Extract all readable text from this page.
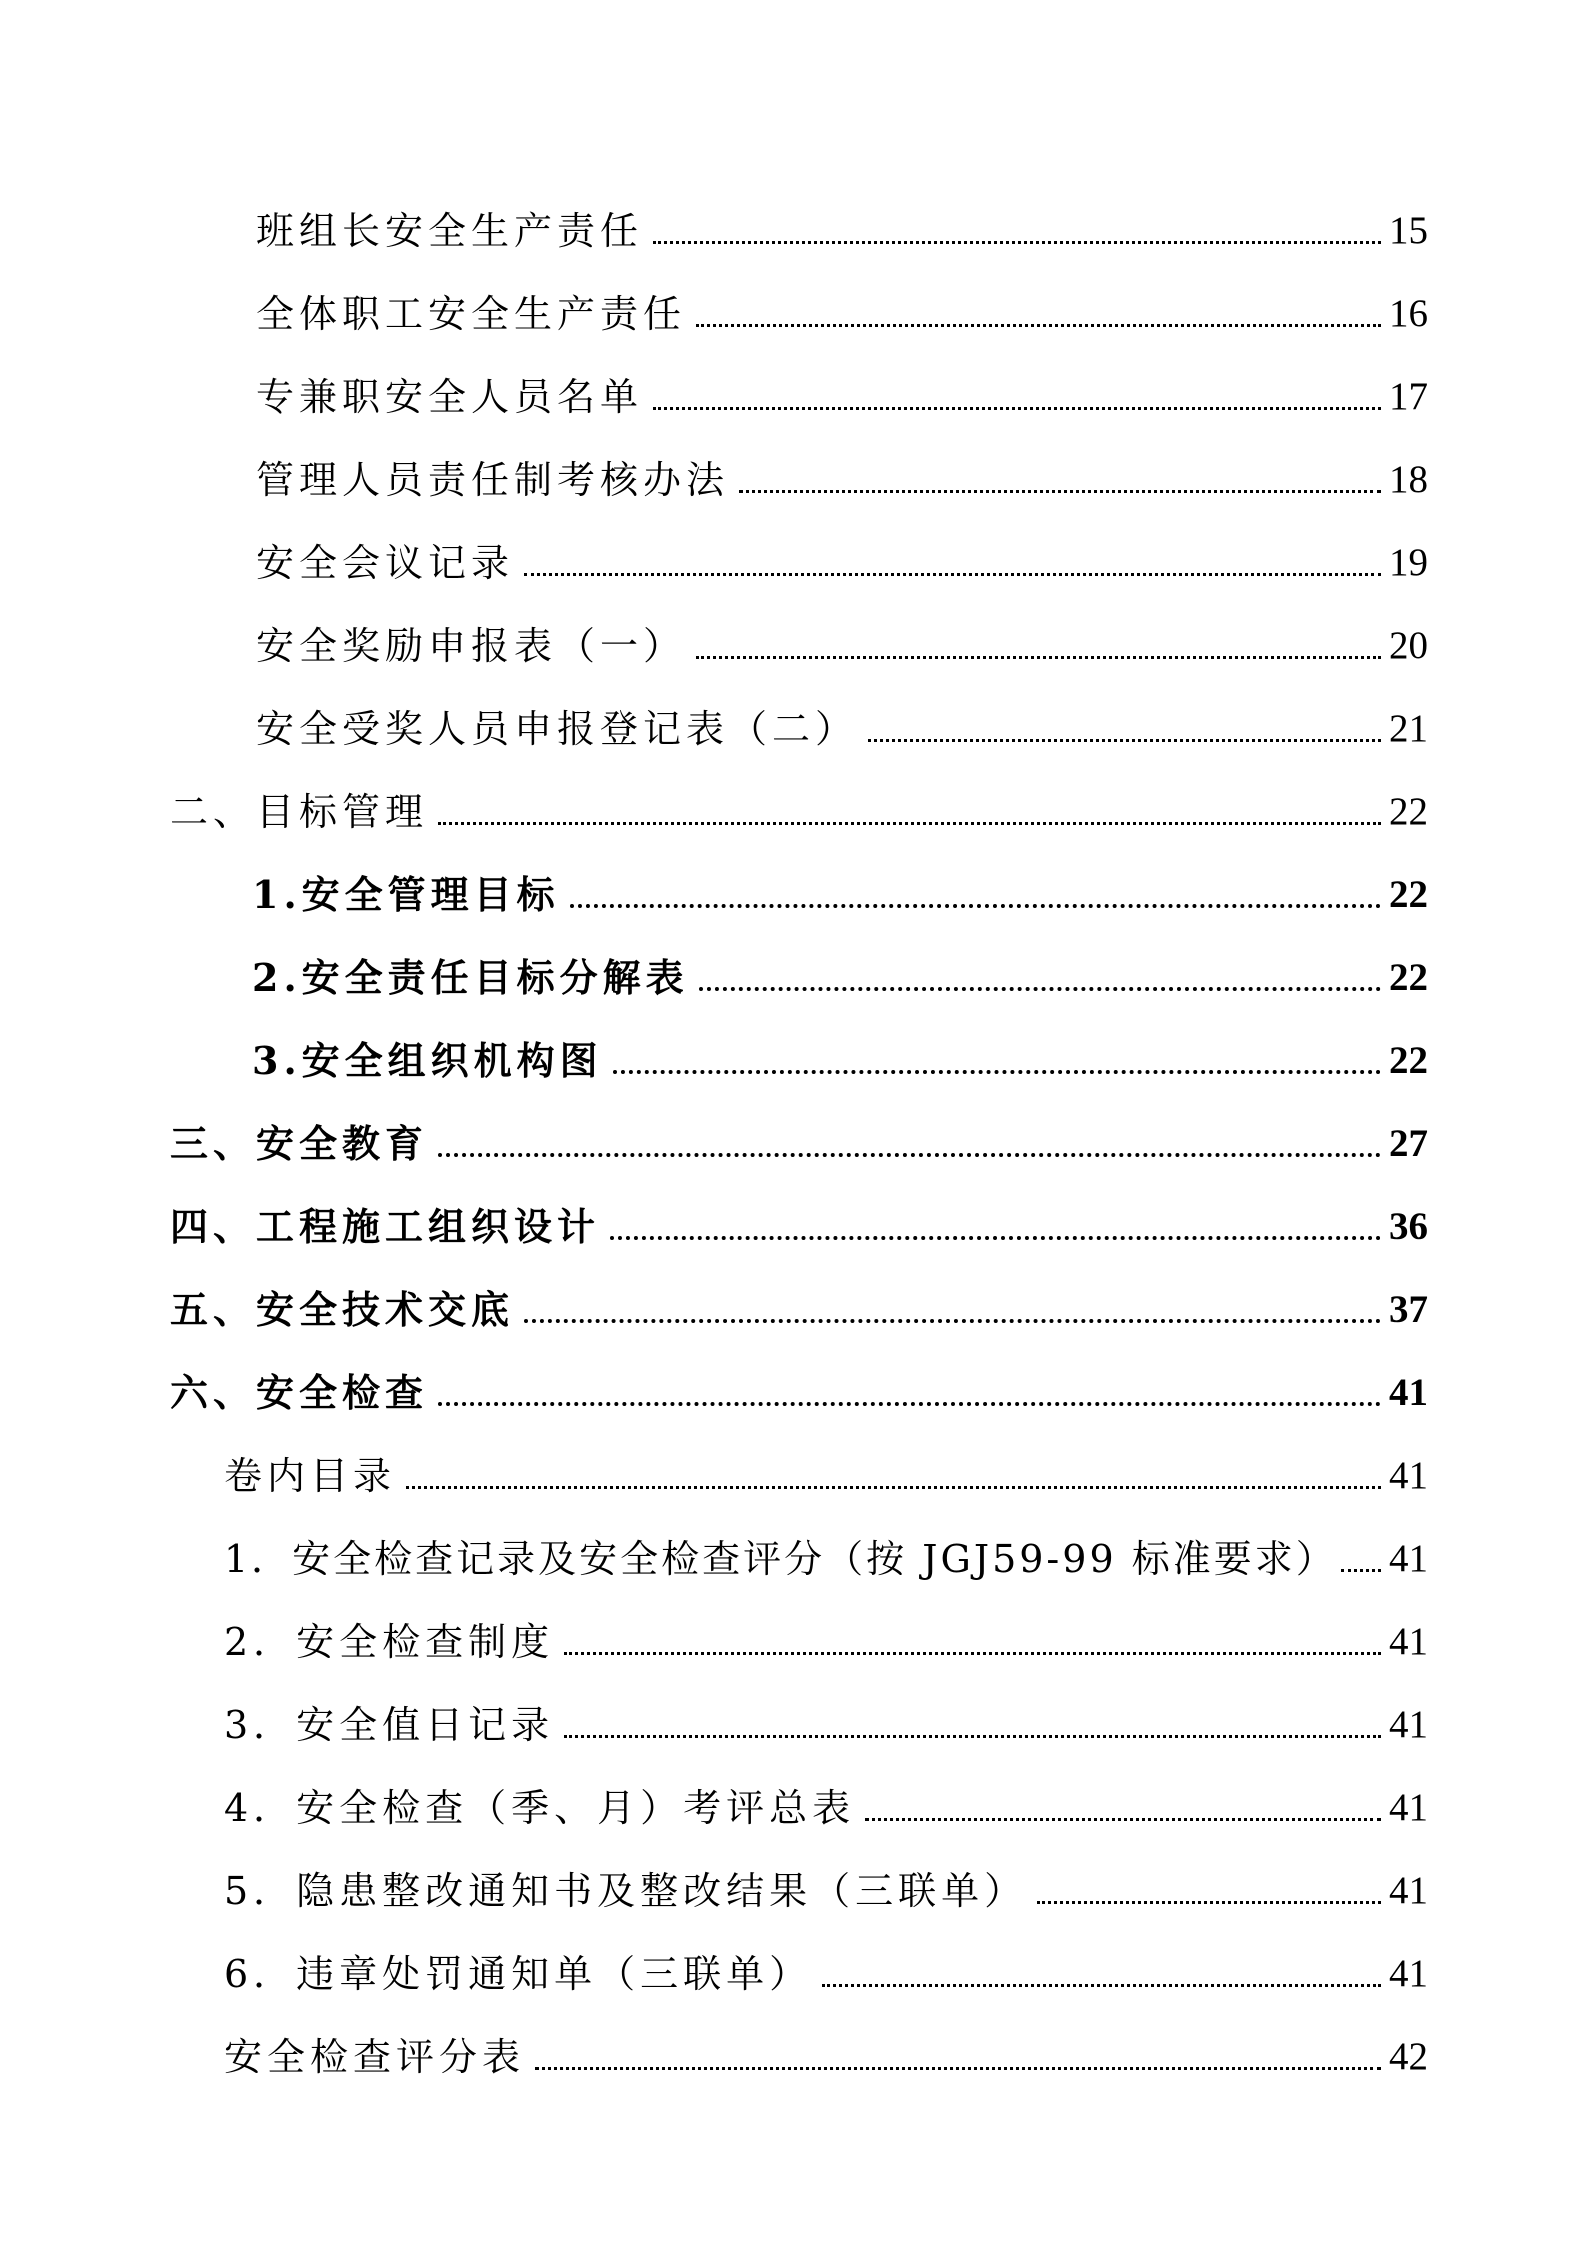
班组长安全生产责任	15
全体职工安全生产责任	16
专兼职安全人员名单	17
管理人员责任制考核办法	18
安全会议记录	19
安全奖励申报表（一）	20
安全受奖人员申报登记表（二）	21
二、目标管理	22
1.安全管理目标	22
2.安全责任目标分解表	22
3.安全组织机构图	22
三、安全教育	27
四、工程施工组织设计	36
五、安全技术交底	37
六、安全检查	41
卷内目录	41
1．安全检查记录及安全检查评分（按 JGJ59-99 标准要求） 41
2．安全检查制度	41
3．安全值日记录	41
4．安全检查（季、月）考评总表	41
5．隐患整改通知书及整改结果（三联单）	41
6．违章处罚通知单（三联单）	41
安全检查评分表	42
